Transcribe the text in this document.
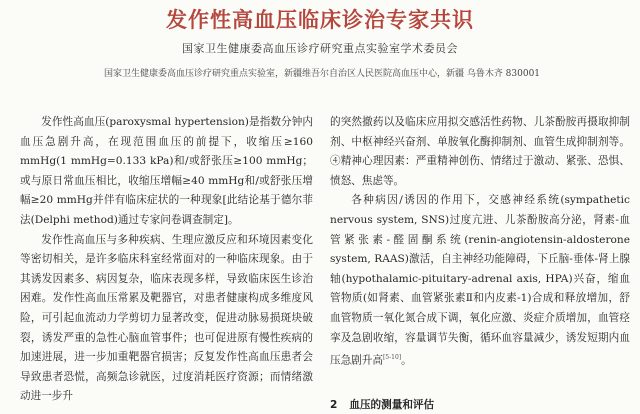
发作性高血压临床诊治专家共识
国家卫生健康委高血压诊疗研究重点实验室学术委员会
国家卫生健康委高血压诊疗研究重点实验室，新疆维吾尔自治区人民医院高血压中心，新疆 乌鲁木齐 830001

发作性高血压(paroxysmal hypertension)是指数分钟内血压急剧升高，在现范围血压的前提下，收缩压≥160 mmHg(1 mmHg=0.133 kPa)和/或舒张压≥100 mmHg；或与原日常血压相比，收缩压增幅≥40 mmHg和/或舒张压增幅≥20 mmHg并伴有临床症状的一种现象[此结论基于德尔菲法(Delphi method)通过专家问卷调查制定]。

发作性高血压与多种疾病、生理应激反应和环境因素变化等密切相关，是许多临床科室经常面对的一种临床现象。由于其诱发因素多、病因复杂，临床表现多样，导致临床医生诊治困难。发作性高血压常累及靶器官，对患者健康构成多维度风险，可引起血流动力学剪切力显著改变，促进动脉易损斑块破裂，诱发严重的急性心脑血管事件；也可促进原有慢性疾病的加速进展，进一步加重靶器官损害；反复发作性高血压患者会导致患者恐慌，高频急诊就医，过度消耗医疗资源；而情绪激动进一步升

的突然撤药以及临床应用拟交感活性药物、儿茶酚胺再摄取抑制剂、中枢神经兴奋剂、单胺氧化酶抑制剂、血管生成抑制剂等。④精神心理因素：严重精神创伤、情绪过于激动、紧张、恐惧、愤怒、焦虑等。

各种病因/诱因的作用下，交感神经系统(sympathetic nervous system, SNS)过度亢进、儿茶酚胺高分泌，肾素-血管紧张素-醛固酮系统(renin-angiotensin-aldosterone system, RAAS)激活，自主神经功能障碍，下丘脑-垂体-肾上腺轴(hypothalamic-pituitary-adrenal axis, HPA)兴奋，缩血管物质(如肾素、血管紧张素Ⅱ和内皮素-1)合成和释放增加，舒血管物质一氧化氮合成下调，氧化应激、炎症介质增加，血管痉挛及急剧收缩，容量调节失衡，循环血容量减少，诱发短期内血压急剧升高[5-10]。

2 血压的测量和评估
